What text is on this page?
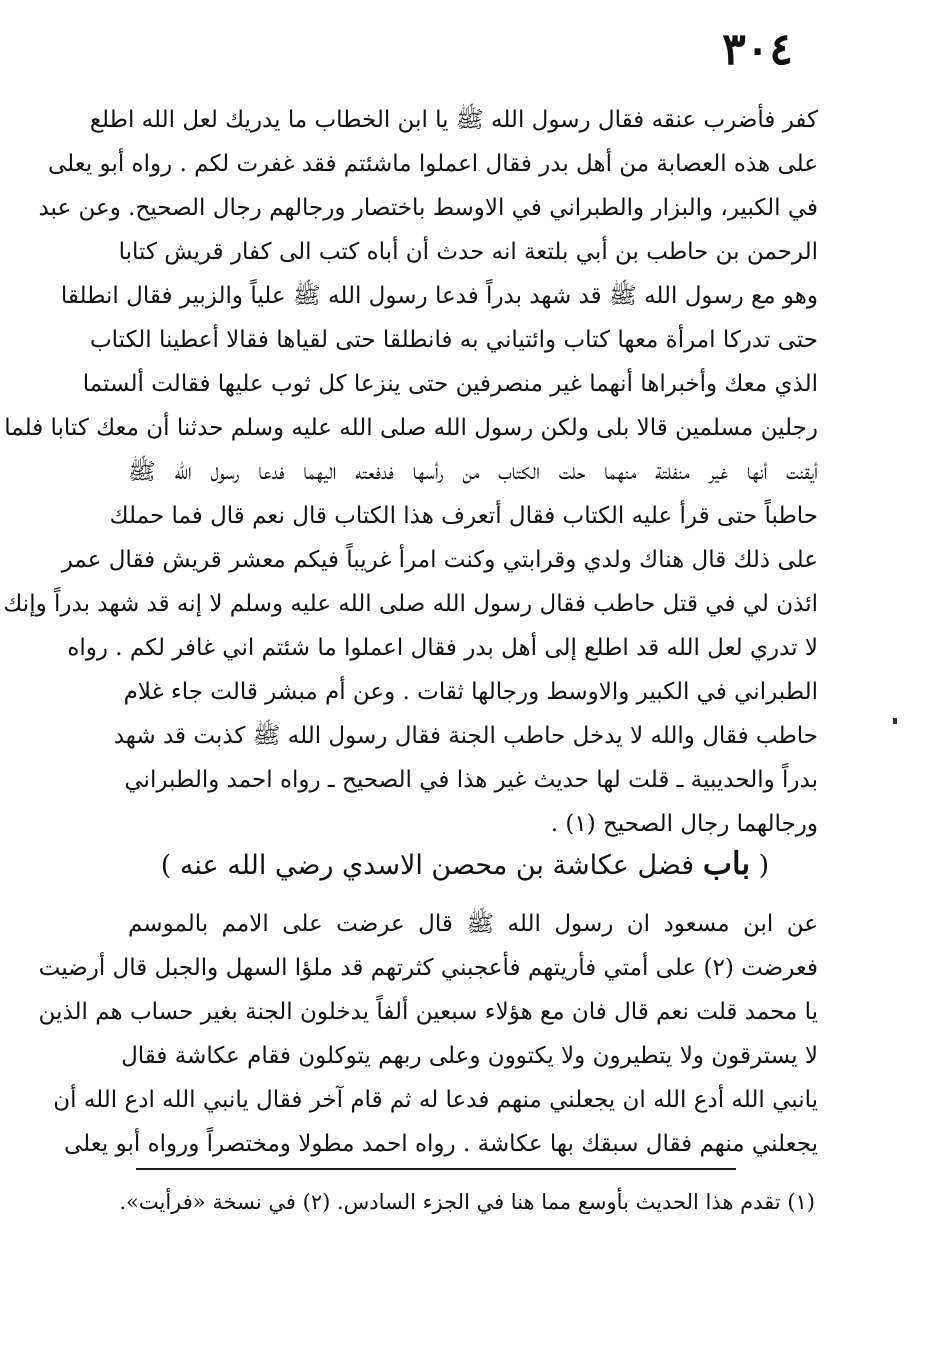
٣٠٤
كفر فأضرب عنقه فقال رسول الله ﷺ يا ابن الخطاب ما يدريك لعل الله اطلع
على هذه العصابة من أهل بدر فقال اعملوا ماشئتم فقد غفرت لكم . رواه أبو يعلى
في الكبير، والبزار والطبراني في الاوسط باختصار ورجالهم رجال الصحيح. وعن عبد
الرحمن بن حاطب بن أبي بلتعة انه حدث أن أباه كتب الى كفار قريش كتابا
وهو مع رسول الله ﷺ قد شهد بدراً فدعا رسول الله ﷺ علياً والزبير فقال انطلقا
حتى تدركا امرأة معها كتاب وائتياني به فانطلقا حتى لقياها فقالا أعطينا الكتاب
الذي معك وأخبراها أنهما غير منصرفين حتى ينزعا كل ثوب عليها فقالت ألستما
رجلين مسلمين قالا بلى ولكن رسول الله صلى الله عليه وسلم حدثنا أن معك كتابا فلما
أيقنت أنها غير منفلتة منهما حلت الكتاب من رأسها فدفعته اليهما فدعا رسول الله ﷺ
حاطباً حتى قرأ عليه الكتاب فقال أتعرف هذا الكتاب قال نعم قال فما حملك
على ذلك قال هناك ولدي وقرابتي وكنت امرأ غريباً فيكم معشر قريش فقال عمر
ائذن لي في قتل حاطب فقال رسول الله صلى الله عليه وسلم لا إنه قد شهد بدراً وإنك
لا تدري لعل الله قد اطلع إلى أهل بدر فقال اعملوا ما شئتم اني غافر لكم . رواه
الطبراني في الكبير والاوسط ورجالها ثقات . وعن أم مبشر قالت جاء غلام
حاطب فقال والله لا يدخل حاطب الجنة فقال رسول الله ﷺ كذبت قد شهد
بدراً والحديبية ـ قلت لها حديث غير هذا في الصحيح ـ رواه احمد والطبراني
ورجالهما رجال الصحيح (١) .
( باب فضل عكاشة بن محصن الاسدي رضي الله عنه )
عن ابن مسعود ان رسول الله ﷺ قال عرضت على الامم بالموسم
فعرضت (٢) على أمتي فأريتهم فأعجبني كثرتهم قد ملؤا السهل والجبل قال أرضيت
يا محمد قلت نعم قال فان مع هؤلاء سبعين ألفاً يدخلون الجنة بغير حساب هم الذين
لا يسترقون ولا يتطيرون ولا يكتوون وعلى ربهم يتوكلون فقام عكاشة فقال
يانبي الله أدع الله ان يجعلني منهم فدعا له ثم قام آخر فقال يانبي الله ادع الله أن
يجعلني منهم فقال سبقك بها عكاشة . رواه احمد مطولا ومختصراً ورواه أبو يعلى
(١) تقدم هذا الحديث بأوسع مما هنا في الجزء السادس. (٢) في نسخة «فرأيت».
